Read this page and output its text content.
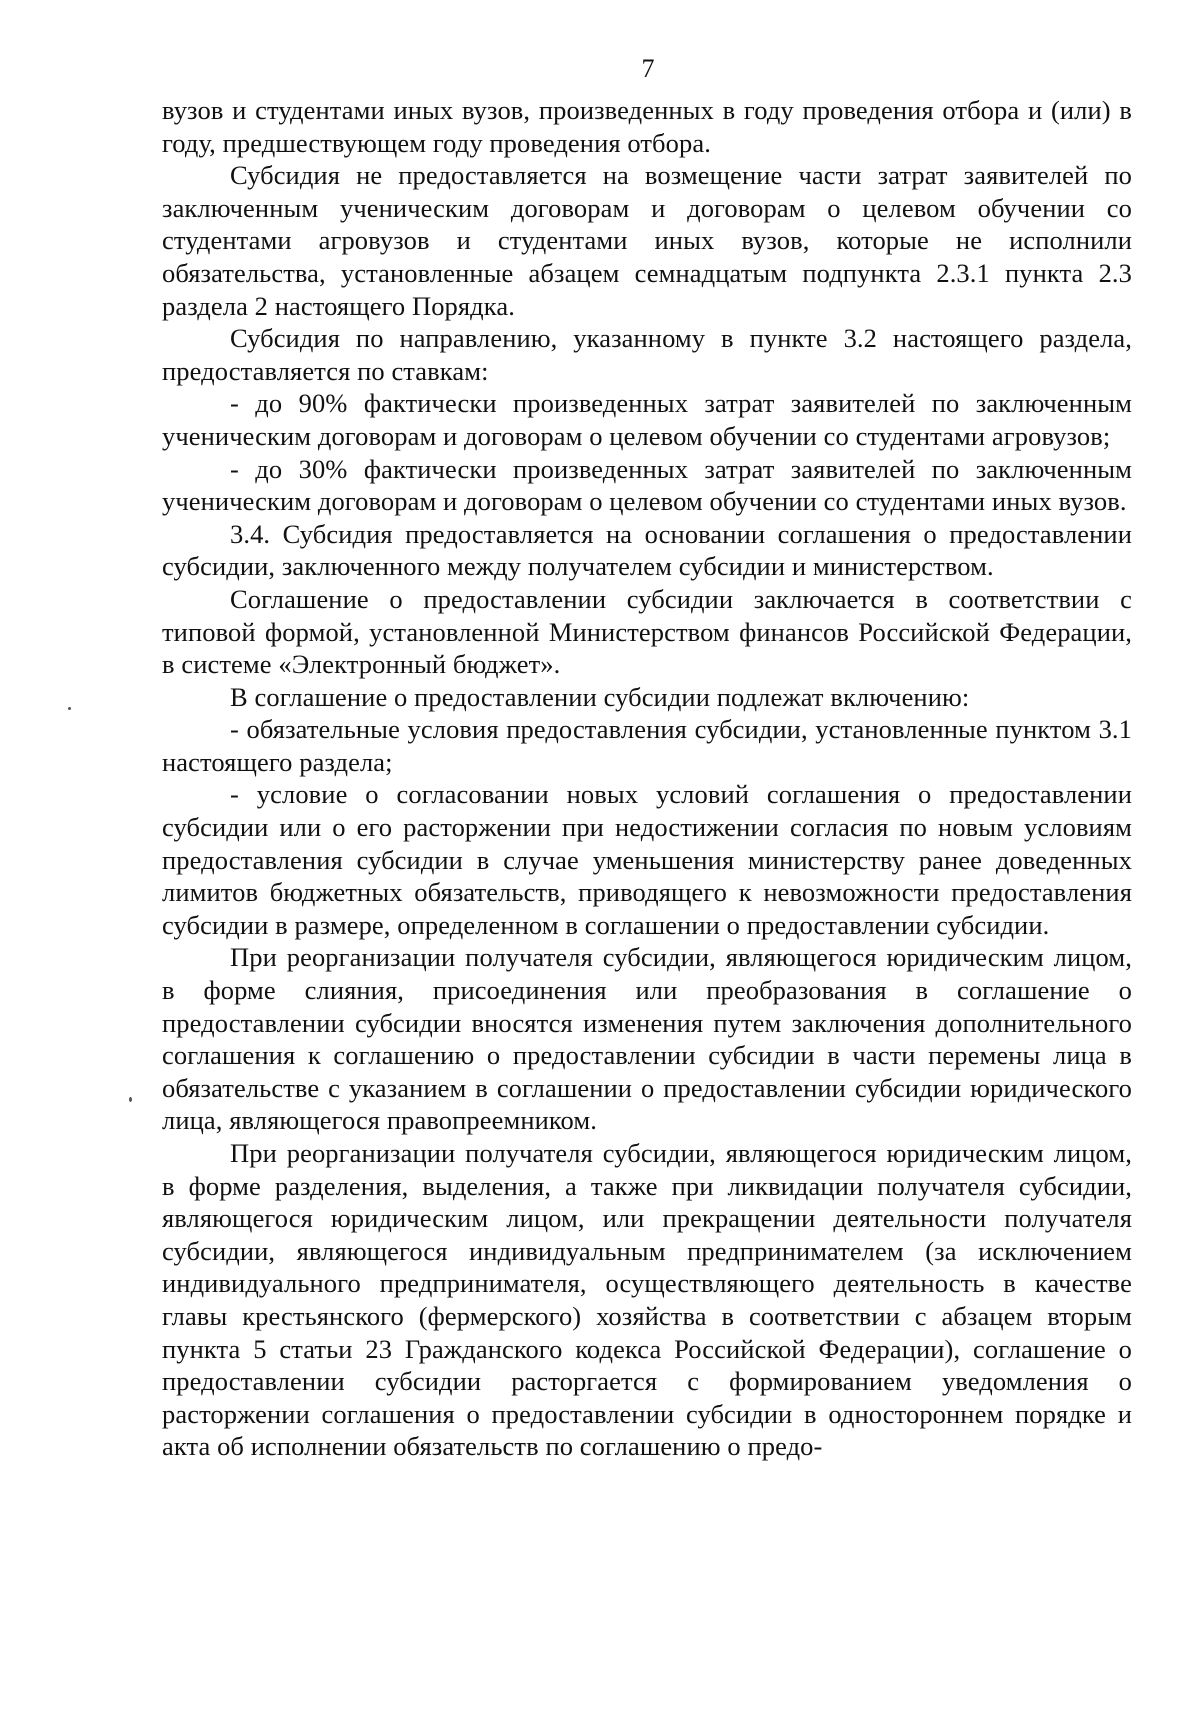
7

вузов и студентами иных вузов, произведенных в году проведения отбора и (или) в году, предшествующем году проведения отбора.

Субсидия не предоставляется на возмещение части затрат заявителей по заключенным ученическим договорам и договорам о целевом обучении со студентами агровузов и студентами иных вузов, которые не исполнили обязательства, установленные абзацем семнадцатым подпункта 2.3.1 пункта 2.3 раздела 2 настоящего Порядка.

Субсидия по направлению, указанному в пункте 3.2 настоящего раздела, предоставляется по ставкам:

- до 90% фактически произведенных затрат заявителей по заключенным ученическим договорам и договорам о целевом обучении со студентами агровузов;

- до 30% фактически произведенных затрат заявителей по заключенным ученическим договорам и договорам о целевом обучении со студентами иных вузов.

3.4. Субсидия предоставляется на основании соглашения о предоставлении субсидии, заключенного между получателем субсидии и министерством.

Соглашение о предоставлении субсидии заключается в соответствии с типовой формой, установленной Министерством финансов Российской Федерации, в системе «Электронный бюджет».

В соглашение о предоставлении субсидии подлежат включению:

- обязательные условия предоставления субсидии, установленные пунктом 3.1 настоящего раздела;

- условие о согласовании новых условий соглашения о предоставлении субсидии или о его расторжении при недостижении согласия по новым условиям предоставления субсидии в случае уменьшения министерству ранее доведенных лимитов бюджетных обязательств, приводящего к невозможности предоставления субсидии в размере, определенном в соглашении о предоставлении субсидии.

При реорганизации получателя субсидии, являющегося юридическим лицом, в форме слияния, присоединения или преобразования в соглашение о предоставлении субсидии вносятся изменения путем заключения дополнительного соглашения к соглашению о предоставлении субсидии в части перемены лица в обязательстве с указанием в соглашении о предоставлении субсидии юридического лица, являющегося правопреемником.

При реорганизации получателя субсидии, являющегося юридическим лицом, в форме разделения, выделения, а также при ликвидации получателя субсидии, являющегося юридическим лицом, или прекращении деятельности получателя субсидии, являющегося индивидуальным предпринимателем (за исключением индивидуального предпринимателя, осуществляющего деятельность в качестве главы крестьянского (фермерского) хозяйства в соответствии с абзацем вторым пункта 5 статьи 23 Гражданского кодекса Российской Федерации), соглашение о предоставлении субсидии расторгается с формированием уведомления о расторжении соглашения о предоставлении субсидии в одностороннем порядке и акта об исполнении обязательств по соглашению о предо-
